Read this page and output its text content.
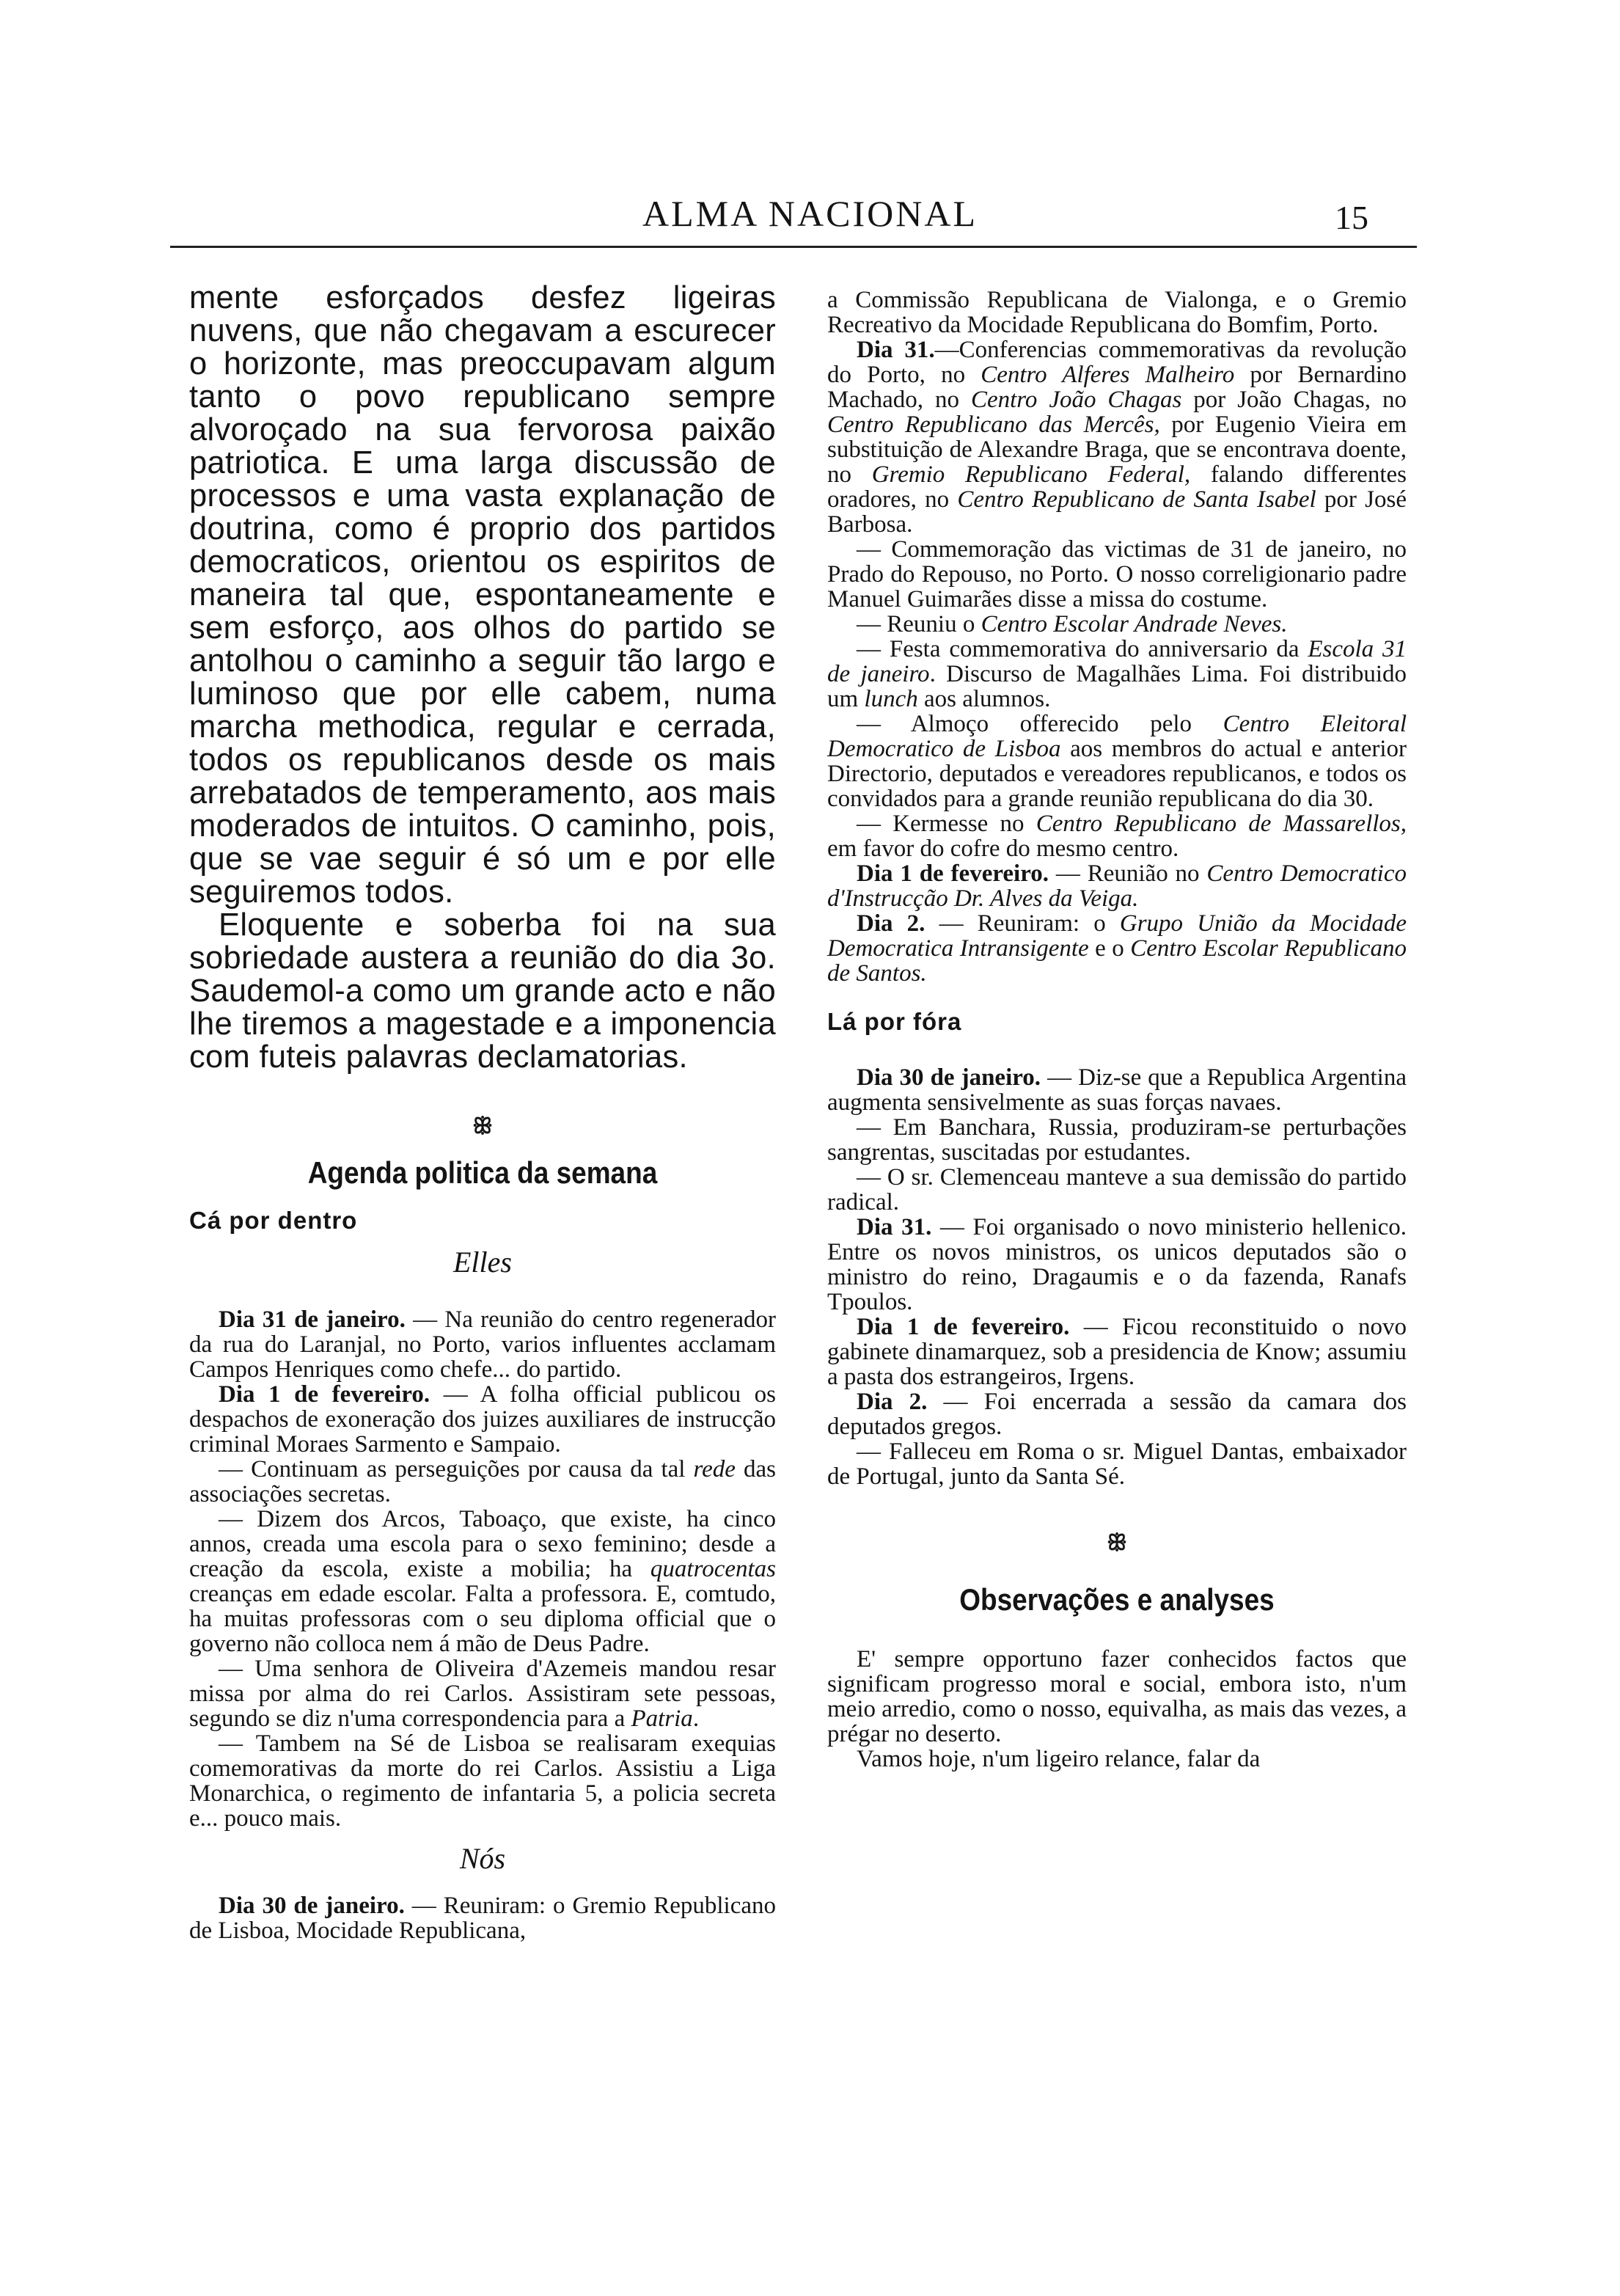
ALMA NACIONAL	15

mente esforçados desfez ligeiras nuvens, que não chegavam a escurecer o horizonte, mas preoccupavam algum tanto o povo republicano sempre alvoroçado na sua fervorosa paixão patriotica. E uma larga discussão de processos e uma vasta explanação de doutrina, como é proprio dos partidos democraticos, orientou os espiritos de maneira tal que, espontaneamente e sem esforço, aos olhos do partido se antolhou o caminho a seguir tão largo e luminoso que por elle cabem, numa marcha methodica, regular e cerrada, todos os republicanos desde os mais arrebatados de temperamento, aos mais moderados de intuitos. O caminho, pois, que se vae seguir é só um e por elle seguiremos todos.

Eloquente e soberba foi na sua sobriedade austera a reunião do dia 3o. Saudemol-a como um grande acto e não lhe tiremos a magestade e a imponencia com futeis palavras declamatorias.

ꕥ
Agenda politica da semana
Cá por dentro
Elles

Dia 31 de janeiro. — Na reunião do centro regenerador da rua do Laranjal, no Porto, varios influentes acclamam Campos Henriques como chefe... do partido.

Dia 1 de fevereiro. — A folha official publicou os despachos de exoneração dos juizes auxiliares de instrucção criminal Moraes Sarmento e Sampaio.

— Continuam as perseguições por causa da tal rede das associações secretas.

— Dizem dos Arcos, Taboaço, que existe, ha cinco annos, creada uma escola para o sexo feminino; desde a creação da escola, existe a mobilia; ha quatrocentas creanças em edade escolar. Falta a professora. E, comtudo, ha muitas professoras com o seu diploma official que o governo não colloca nem á mão de Deus Padre.

— Uma senhora de Oliveira d'Azemeis mandou resar missa por alma do rei Carlos. Assistiram sete pessoas, segundo se diz n'uma correspondencia para a Patria.

— Tambem na Sé de Lisboa se realisaram exequias comemorativas da morte do rei Carlos. Assistiu a Liga Monarchica, o regimento de infantaria 5, a policia secreta e... pouco mais.

Nós

Dia 30 de janeiro. — Reuniram: o Gremio Republicano de Lisboa, Mocidade Republicana,

a Commissão Republicana de Vialonga, e o Gremio Recreativo da Mocidade Republicana do Bomfim, Porto.

Dia 31.—Conferencias commemorativas da revolução do Porto, no Centro Alferes Malheiro por Bernardino Machado, no Centro João Chagas por João Chagas, no Centro Republicano das Mercês, por Eugenio Vieira em substituição de Alexandre Braga, que se encontrava doente, no Gremio Republicano Federal, falando differentes oradores, no Centro Republicano de Santa Isabel por José Barbosa.

— Commemoração das victimas de 31 de janeiro, no Prado do Repouso, no Porto. O nosso correligionario padre Manuel Guimarães disse a missa do costume.

— Reuniu o Centro Escolar Andrade Neves.

— Festa commemorativa do anniversario da Escola 31 de janeiro. Discurso de Magalhães Lima. Foi distribuido um lunch aos alumnos.

— Almoço offerecido pelo Centro Eleitoral Democratico de Lisboa aos membros do actual e anterior Directorio, deputados e vereadores republicanos, e todos os convidados para a grande reunião republicana do dia 30.

— Kermesse no Centro Republicano de Massarellos, em favor do cofre do mesmo centro.

Dia 1 de fevereiro. — Reunião no Centro Democratico d'Instrucção Dr. Alves da Veiga.

Dia 2. — Reuniram: o Grupo União da Mocidade Democratica Intransigente e o Centro Escolar Republicano de Santos.

Lá por fóra

Dia 30 de janeiro. — Diz-se que a Republica Argentina augmenta sensivelmente as suas forças navaes.

— Em Banchara, Russia, produziram-se perturbações sangrentas, suscitadas por estudantes.

— O sr. Clemenceau manteve a sua demissão do partido radical.

Dia 31. — Foi organisado o novo ministerio hellenico. Entre os novos ministros, os unicos deputados são o ministro do reino, Dragaumis e o da fazenda, Ranafs Tpoulos.

Dia 1 de fevereiro. — Ficou reconstituido o novo gabinete dinamarquez, sob a presidencia de Know; assumiu a pasta dos estrangeiros, Irgens.

Dia 2. — Foi encerrada a sessão da camara dos deputados gregos.

— Falleceu em Roma o sr. Miguel Dantas, embaixador de Portugal, junto da Santa Sé.

ꕥ
Observações e analyses

E' sempre opportuno fazer conhecidos factos que significam progresso moral e social, embora isto, n'um meio arredio, como o nosso, equivalha, as mais das vezes, a prégar no deserto.

Vamos hoje, n'um ligeiro relance, falar da
